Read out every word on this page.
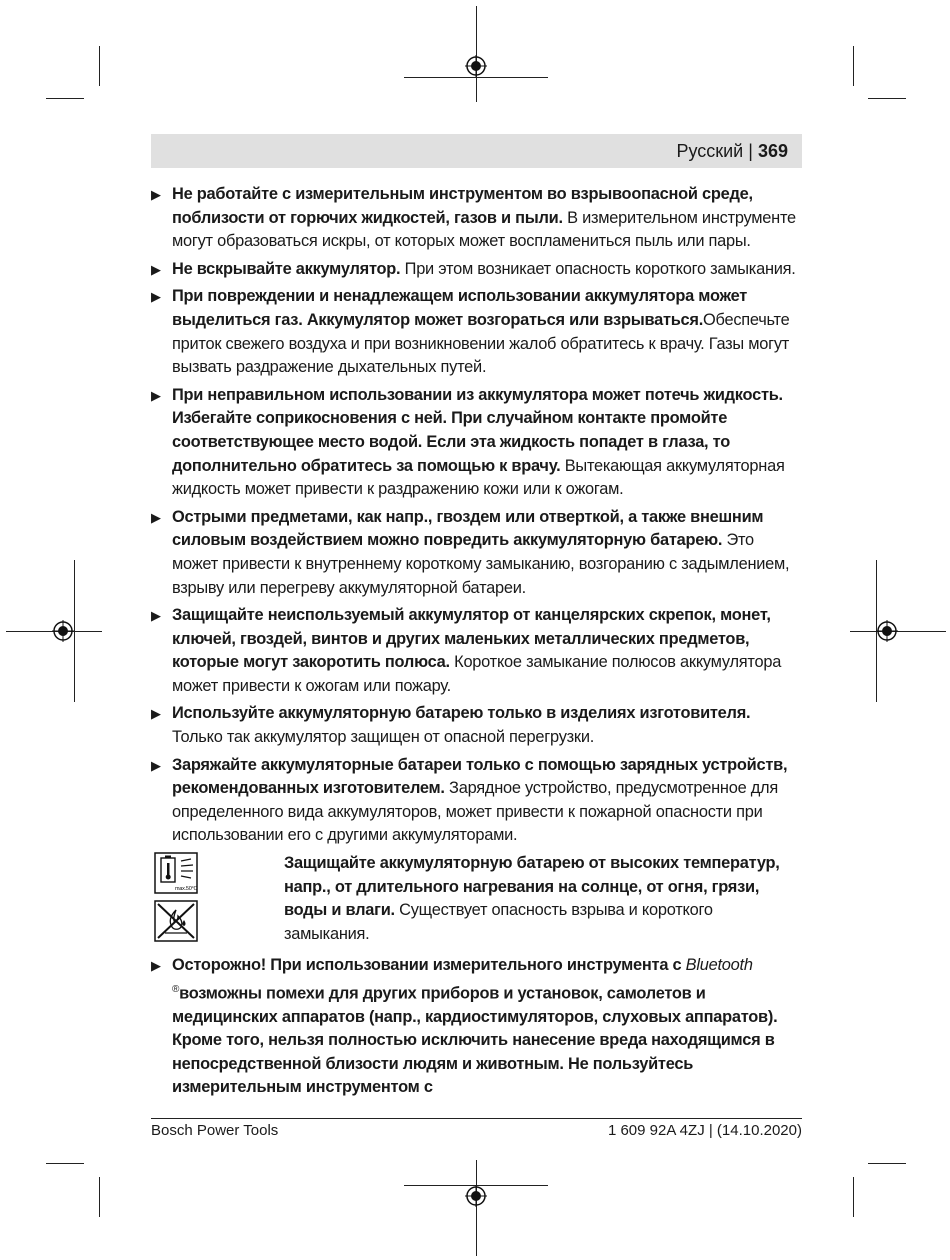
Русский | 369
▶ Не работайте с измерительным инструментом во взрывоопасной среде, поблизости от горючих жидкостей, газов и пыли. В измерительном инструменте могут образоваться искры, от которых может воспламениться пыль или пары.

▶ Не вскрывайте аккумулятор. При этом возникает опасность короткого замыкания.

▶ При повреждении и ненадлежащем использовании аккумулятора может выделиться газ. Аккумулятор может возгораться или взрываться.Обеспечьте приток свежего воздуха и при возникновении жалоб обратитесь к врачу. Газы могут вызвать раздражение дыхательных путей.

▶ При неправильном использовании из аккумулятора может потечь жидкость. Избегайте соприкосновения с ней. При случайном контакте промойте соответствующее место водой. Если эта жидкость попадет в глаза, то дополнительно обратитесь за помощью к врачу. Вытекающая аккумуляторная жидкость может привести к раздражению кожи или к ожогам.

▶ Острыми предметами, как напр., гвоздем или отверткой, а также внешним силовым воздействием можно повредить аккумуляторную батарею. Это может привести к внутреннему короткому замыканию, возгоранию с задымлением, взрыву или перегреву аккумуляторной батареи.

▶ Защищайте неиспользуемый аккумулятор от канцелярских скрепок, монет, ключей, гвоздей, винтов и других маленьких металлических предметов, которые могут закоротить полюса. Короткое замыкание полюсов аккумулятора может привести к ожогам или пожару.

▶ Используйте аккумуляторную батарею только в изделиях изготовителя. Только так аккумулятор защищен от опасной перегрузки.

▶ Заряжайте аккумуляторные батареи только с помощью зарядных устройств, рекомендованных изготовителем. Зарядное устройство, предусмотренное для определенного вида аккумуляторов, может привести к пожарной опасности при использовании его с другими аккумуляторами.

max.50°C

Защищайте аккумуляторную батарею от высоких температур, напр., от длительного нагревания на солнце, от огня, грязи, воды и влаги. Существует опасность взрыва и короткого замыкания.

▶ Осторожно! При использовании измерительного инструмента с Bluetooth
®возможны помехи для других приборов и установок, самолетов и медицинских аппаратов (напр., кардиостимуляторов, слуховых аппаратов). Кроме того, нельзя полностью исключить нанесение вреда находящимся в непосредственной близости людям и животным. Не пользуйтесь измерительным инструментом с

Bosch Power Tools	1 609 92A 4ZJ | (14.10.2020)
